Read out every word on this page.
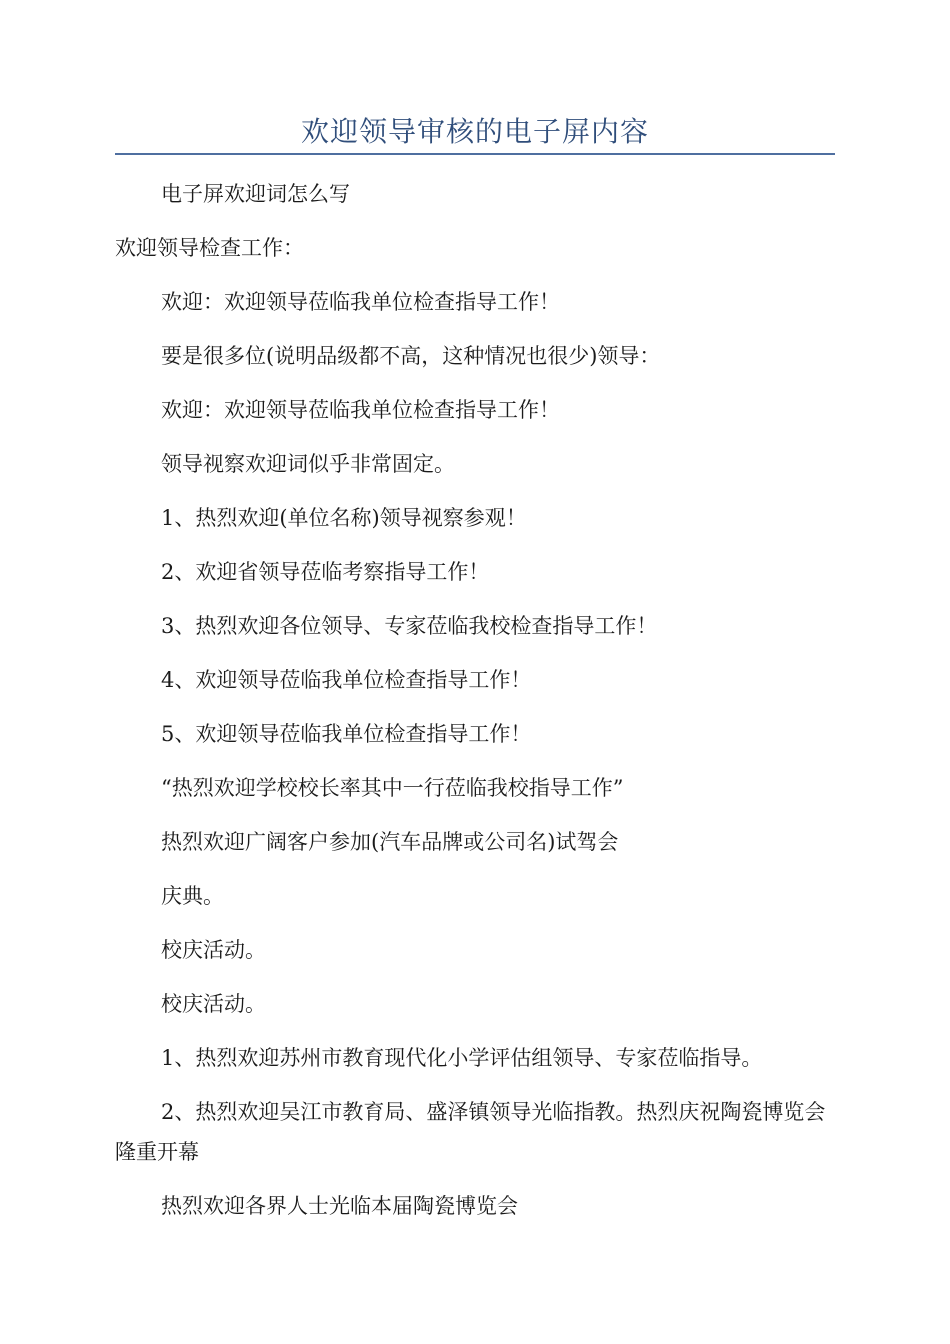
欢迎领导审核的电子屏内容
电子屏欢迎词怎么写
欢迎领导检查工作：
欢迎：欢迎领导莅临我单位检查指导工作！
要是很多位(说明品级都不高，这种情况也很少)领导：
欢迎：欢迎领导莅临我单位检查指导工作！
领导视察欢迎词似乎非常固定。
1、热烈欢迎(单位名称)领导视察参观！
2、欢迎省领导莅临考察指导工作！
3、热烈欢迎各位领导、专家莅临我校检查指导工作！
4、欢迎领导莅临我单位检查指导工作！
5、欢迎领导莅临我单位检查指导工作！
“热烈欢迎学校校长率其中一行莅临我校指导工作”
热烈欢迎广阔客户参加(汽车品牌或公司名)试驾会
庆典。
校庆活动。
校庆活动。
1、热烈欢迎苏州市教育现代化小学评估组领导、专家莅临指导。
2、热烈欢迎吴江市教育局、盛泽镇领导光临指教。热烈庆祝陶瓷博览会隆重开幕
热烈欢迎各界人士光临本届陶瓷博览会
